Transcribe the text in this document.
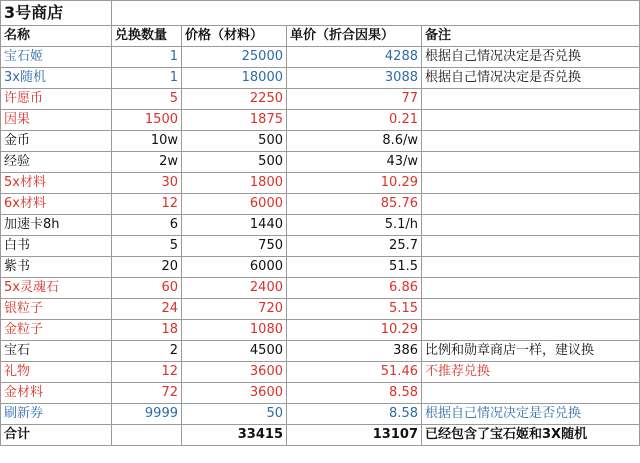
3号商店				
名称	兑换数量	价格（材料）	单价（折合因果）	备注
宝石姬	1	25000	4288	根据自己情况决定是否兑换
3x随机	1	18000	3088	根据自己情况决定是否兑换
许愿币	5	2250	77	
因果	1500	1875	0.21	
金币	10w	500	8.6/w	
经验	2w	500	43/w	
5x材料	30	1800	10.29	
6x材料	12	6000	85.76	
加速卡8h	6	1440	5.1/h	
白书	5	750	25.7	
紫书	20	6000	51.5	
5x灵魂石	60	2400	6.86	
银粒子	24	720	5.15	
金粒子	18	1080	10.29	
宝石	2	4500	386	比例和勋章商店一样，建议换
礼物	12	3600	51.46	不推荐兑换
金材料	72	3600	8.58	
刷新券	9999	50	8.58	根据自己情况决定是否兑换
合计		33415	13107	已经包含了宝石姬和3X随机
